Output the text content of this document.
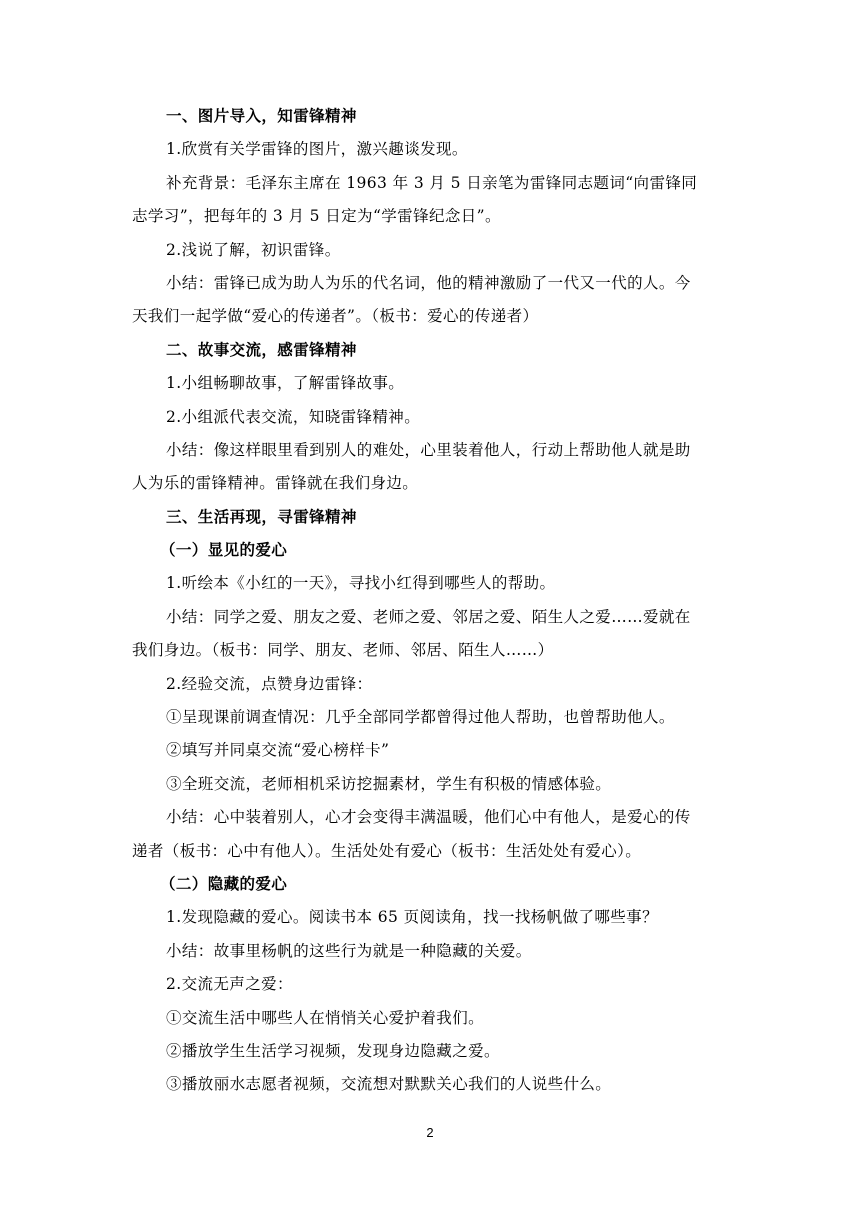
一、图片导入，知雷锋精神
1.欣赏有关学雷锋的图片，激兴趣谈发现。
补充背景：毛泽东主席在 1963 年 3 月 5 日亲笔为雷锋同志题词“向雷锋同
志学习”，把每年的 3 月 5 日定为“学雷锋纪念日”。
2.浅说了解，初识雷锋。
小结：雷锋已成为助人为乐的代名词，他的精神激励了一代又一代的人。今
天我们一起学做“爱心的传递者”。（板书：爱心的传递者）
二、故事交流，感雷锋精神
1.小组畅聊故事，了解雷锋故事。
2.小组派代表交流，知晓雷锋精神。
小结：像这样眼里看到别人的难处，心里装着他人，行动上帮助他人就是助
人为乐的雷锋精神。雷锋就在我们身边。
三、生活再现，寻雷锋精神
（一）显见的爱心
1.听绘本《小红的一天》，寻找小红得到哪些人的帮助。
小结：同学之爱、朋友之爱、老师之爱、邻居之爱、陌生人之爱……爱就在
我们身边。（板书：同学、朋友、老师、邻居、陌生人……）
2.经验交流，点赞身边雷锋：
①呈现课前调查情况：几乎全部同学都曾得过他人帮助，也曾帮助他人。
②填写并同桌交流“爱心榜样卡”
③全班交流，老师相机采访挖掘素材，学生有积极的情感体验。
小结：心中装着别人，心才会变得丰满温暖，他们心中有他人，是爱心的传
递者（板书：心中有他人）。生活处处有爱心（板书：生活处处有爱心）。
（二）隐藏的爱心
1.发现隐藏的爱心。阅读书本 65 页阅读角，找一找杨帆做了哪些事？
小结：故事里杨帆的这些行为就是一种隐藏的关爱。
2.交流无声之爱：
①交流生活中哪些人在悄悄关心爱护着我们。
②播放学生生活学习视频，发现身边隐藏之爱。
③播放丽水志愿者视频，交流想对默默关心我们的人说些什么。
2
